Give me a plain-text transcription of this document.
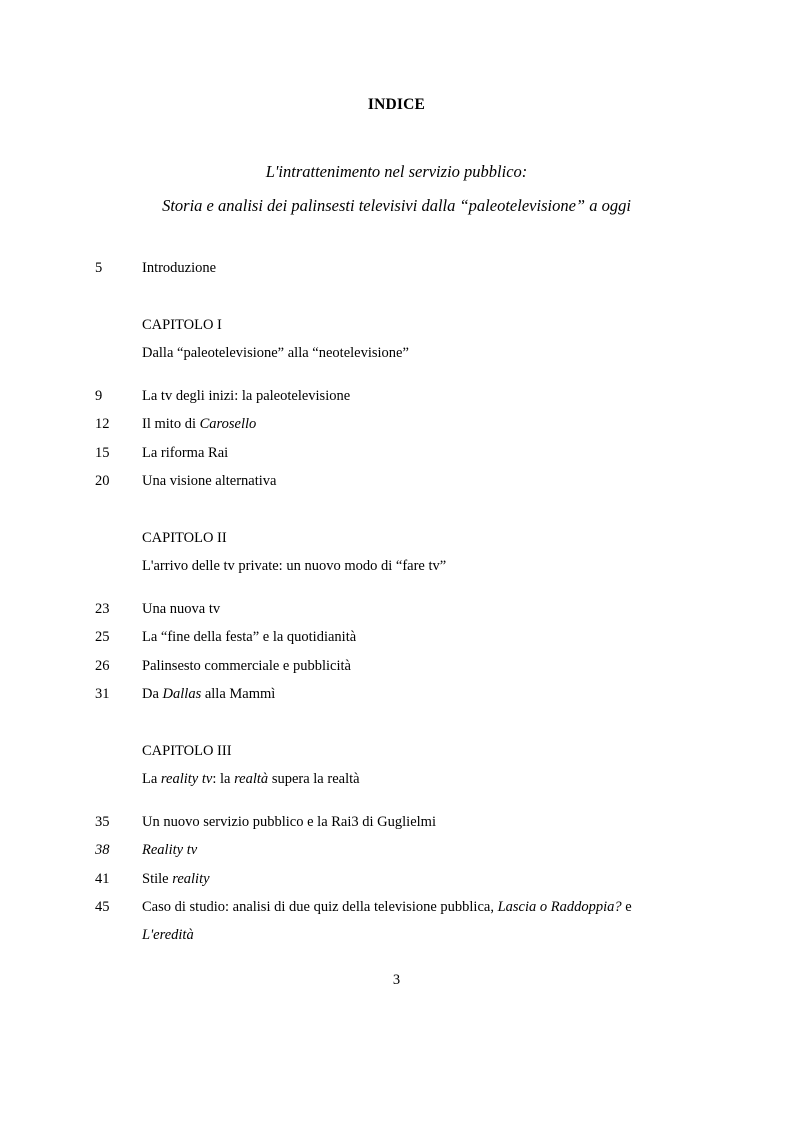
INDICE
L'intrattenimento nel servizio pubblico:
Storia e analisi dei palinsesti televisivi dalla “paleotelevisione” a oggi
5	Introduzione
CAPITOLO I
Dalla “paleotelevisione” alla “neotelevisione”
9	La tv degli inizi: la paleotelevisione
12 Il mito di Carosello
15 La riforma Rai
20 Una visione alternativa
CAPITOLO II
L'arrivo delle tv private: un nuovo modo di “fare tv”
23 Una nuova tv
25 La “fine della festa” e la quotidianità
26 Palinsesto commerciale e pubblicità
31 Da Dallas alla Mammì
CAPITOLO III
La reality tv: la realtà supera la realtà
35 Un nuovo servizio pubblico e la Rai3 di Guglielmi
38 Reality tv
41 Stile reality
45 Caso di studio: analisi di due quiz della televisione pubblica, Lascia o Raddoppia? e
L'eredità
3
